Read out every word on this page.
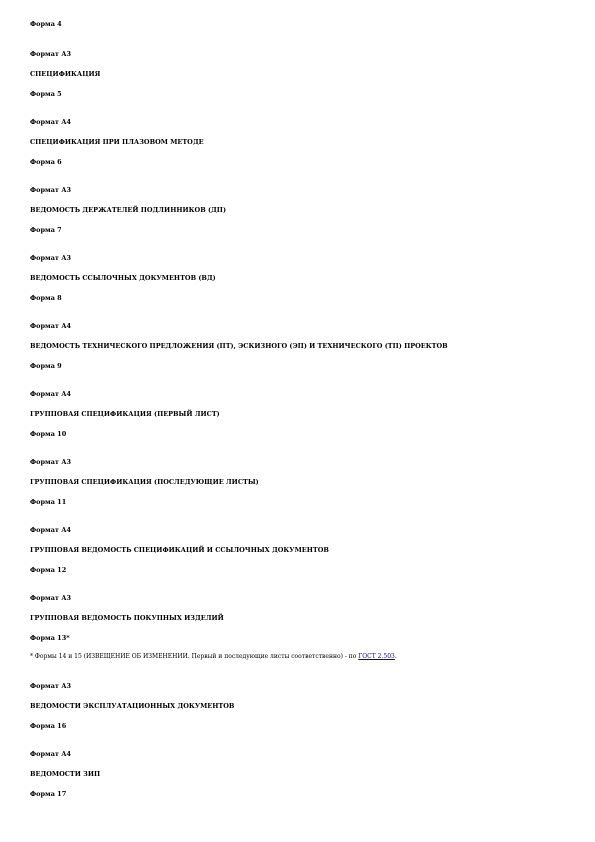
Форма 4
Формат А3
СПЕЦИФИКАЦИЯ
Форма 5
Формат А4
СПЕЦИФИКАЦИЯ ПРИ ПЛАЗОВОМ МЕТОДЕ
Форма 6
Формат А3
ВЕДОМОСТЬ ДЕРЖАТЕЛЕЙ ПОДЛИННИКОВ (ДП)
Форма 7
Формат А3
ВЕДОМОСТЬ ССЫЛОЧНЫХ ДОКУМЕНТОВ (ВД)
Форма 8
Формат А4
ВЕДОМОСТЬ ТЕХНИЧЕСКОГО ПРЕДЛОЖЕНИЯ (ПТ), ЭСКИЗНОГО (ЭП) И ТЕХНИЧЕСКОГО (ТП) ПРОЕКТОВ
Форма 9
Формат А4
ГРУППОВАЯ СПЕЦИФИКАЦИЯ (ПЕРВЫЙ ЛИСТ)
Форма 10
Формат А3
ГРУППОВАЯ СПЕЦИФИКАЦИЯ (ПОСЛЕДУЮЩИЕ ЛИСТЫ)
Форма 11
Формат А4
ГРУППОВАЯ ВЕДОМОСТЬ СПЕЦИФИКАЦИЙ И ССЫЛОЧНЫХ ДОКУМЕНТОВ
Форма 12
Формат А3
ГРУППОВАЯ ВЕДОМОСТЬ ПОКУПНЫХ ИЗДЕЛИЙ
Форма 13*
* Формы 14 и 15 (ИЗВЕЩЕНИЕ ОБ ИЗМЕНЕНИИ. Первый и последующие листы соответственно) - по ГОСТ 2.503.
Формат А3
ВЕДОМОСТИ ЭКСПЛУАТАЦИОННЫХ ДОКУМЕНТОВ
Форма 16
Формат А4
ВЕДОМОСТИ ЗИП
Форма 17
